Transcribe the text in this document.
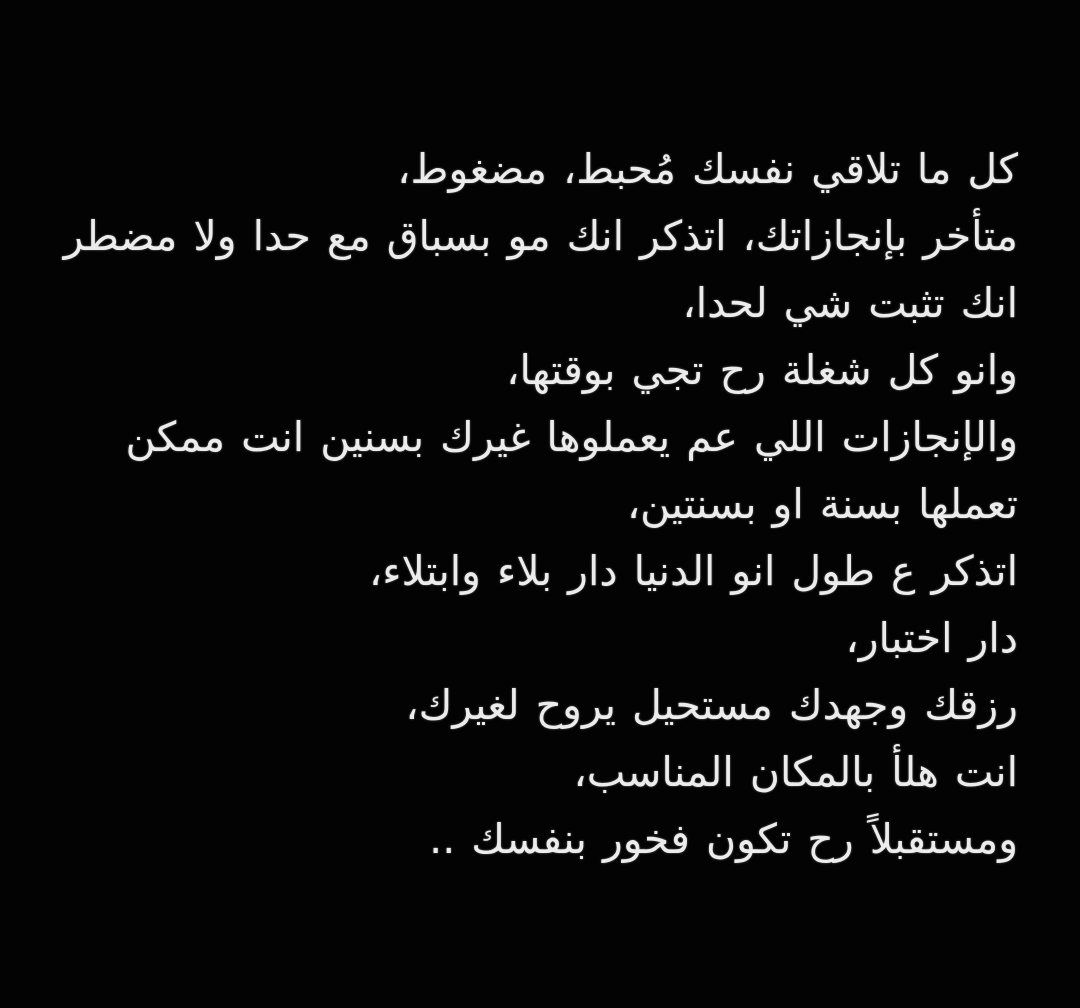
كل ما تلاقي نفسك مُحبط، مضغوط،
متأخر بإنجازاتك، اتذكر انك مو بسباق مع حدا ولا مضطر
انك تثبت شي لحدا،
وانو كل شغلة رح تجي بوقتها،
والإنجازات اللي عم يعملوها غيرك بسنين انت ممكن
تعملها بسنة او بسنتين،
اتذكر ع طول انو الدنيا دار بلاء وابتلاء،
دار اختبار،
رزقك وجهدك مستحيل يروح لغيرك،
انت هلأ بالمكان المناسب،
ومستقبلاً رح تكون فخور بنفسك ..
